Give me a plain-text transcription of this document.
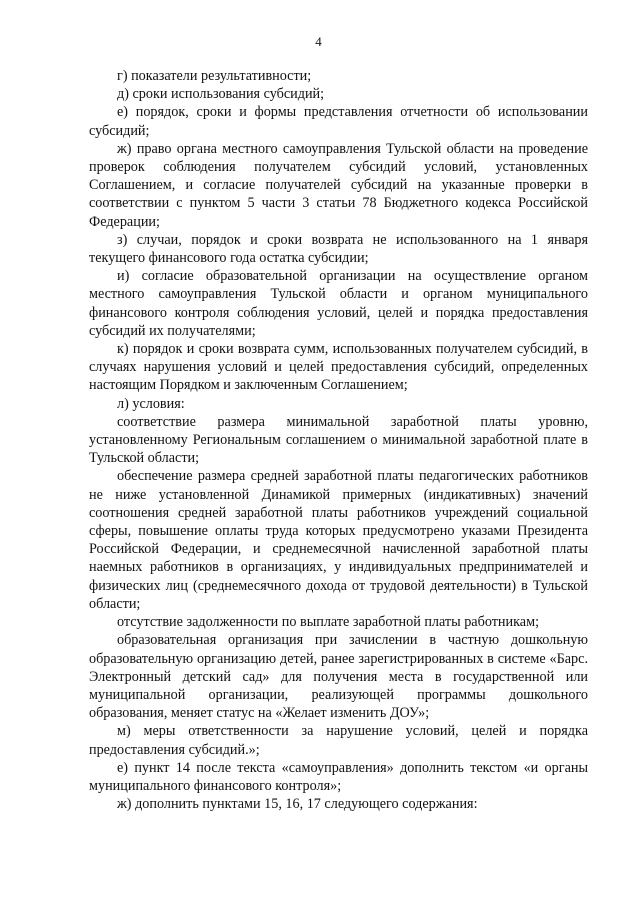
4

г) показатели результативности;

д) сроки использования субсидий;

е) порядок, сроки и формы представления отчетности об использовании субсидий;

ж) право органа местного самоуправления Тульской области на проведение проверок соблюдения получателем субсидий условий, установленных Соглашением, и согласие получателей субсидий на указанные проверки в соответствии с пунктом 5 части 3 статьи 78 Бюджетного кодекса Российской Федерации;

з) случаи, порядок и сроки возврата не использованного на 1 января текущего финансового года остатка субсидии;

и) согласие образовательной организации на осуществление органом местного самоуправления Тульской области и органом муниципального финансового контроля соблюдения условий, целей и порядка предоставления субсидий их получателями;

к) порядок и сроки возврата сумм, использованных получателем субсидий, в случаях нарушения условий и целей предоставления субсидий, определенных настоящим Порядком и заключенным Соглашением;

л) условия:

соответствие размера минимальной заработной платы уровню, установленному Региональным соглашением о минимальной заработной плате в Тульской области;

обеспечение размера средней заработной платы педагогических работников не ниже установленной Динамикой примерных (индикативных) значений соотношения средней заработной платы работников учреждений социальной сферы, повышение оплаты труда которых предусмотрено указами Президента Российской Федерации, и среднемесячной начисленной заработной платы наемных работников в организациях, у индивидуальных предпринимателей и физических лиц (среднемесячного дохода от трудовой деятельности) в Тульской области;

отсутствие задолженности по выплате заработной платы работникам;

образовательная организация при зачислении в частную дошкольную образовательную организацию детей, ранее зарегистрированных в системе «Барс. Электронный детский сад» для получения места в государственной или муниципальной организации, реализующей программы дошкольного образования, меняет статус на «Желает изменить ДОУ»;

м) меры ответственности за нарушение условий, целей и порядка предоставления субсидий.»;

е) пункт 14 после текста «самоуправления» дополнить текстом «и органы муниципального финансового контроля»;

ж) дополнить пунктами 15, 16, 17 следующего содержания:
